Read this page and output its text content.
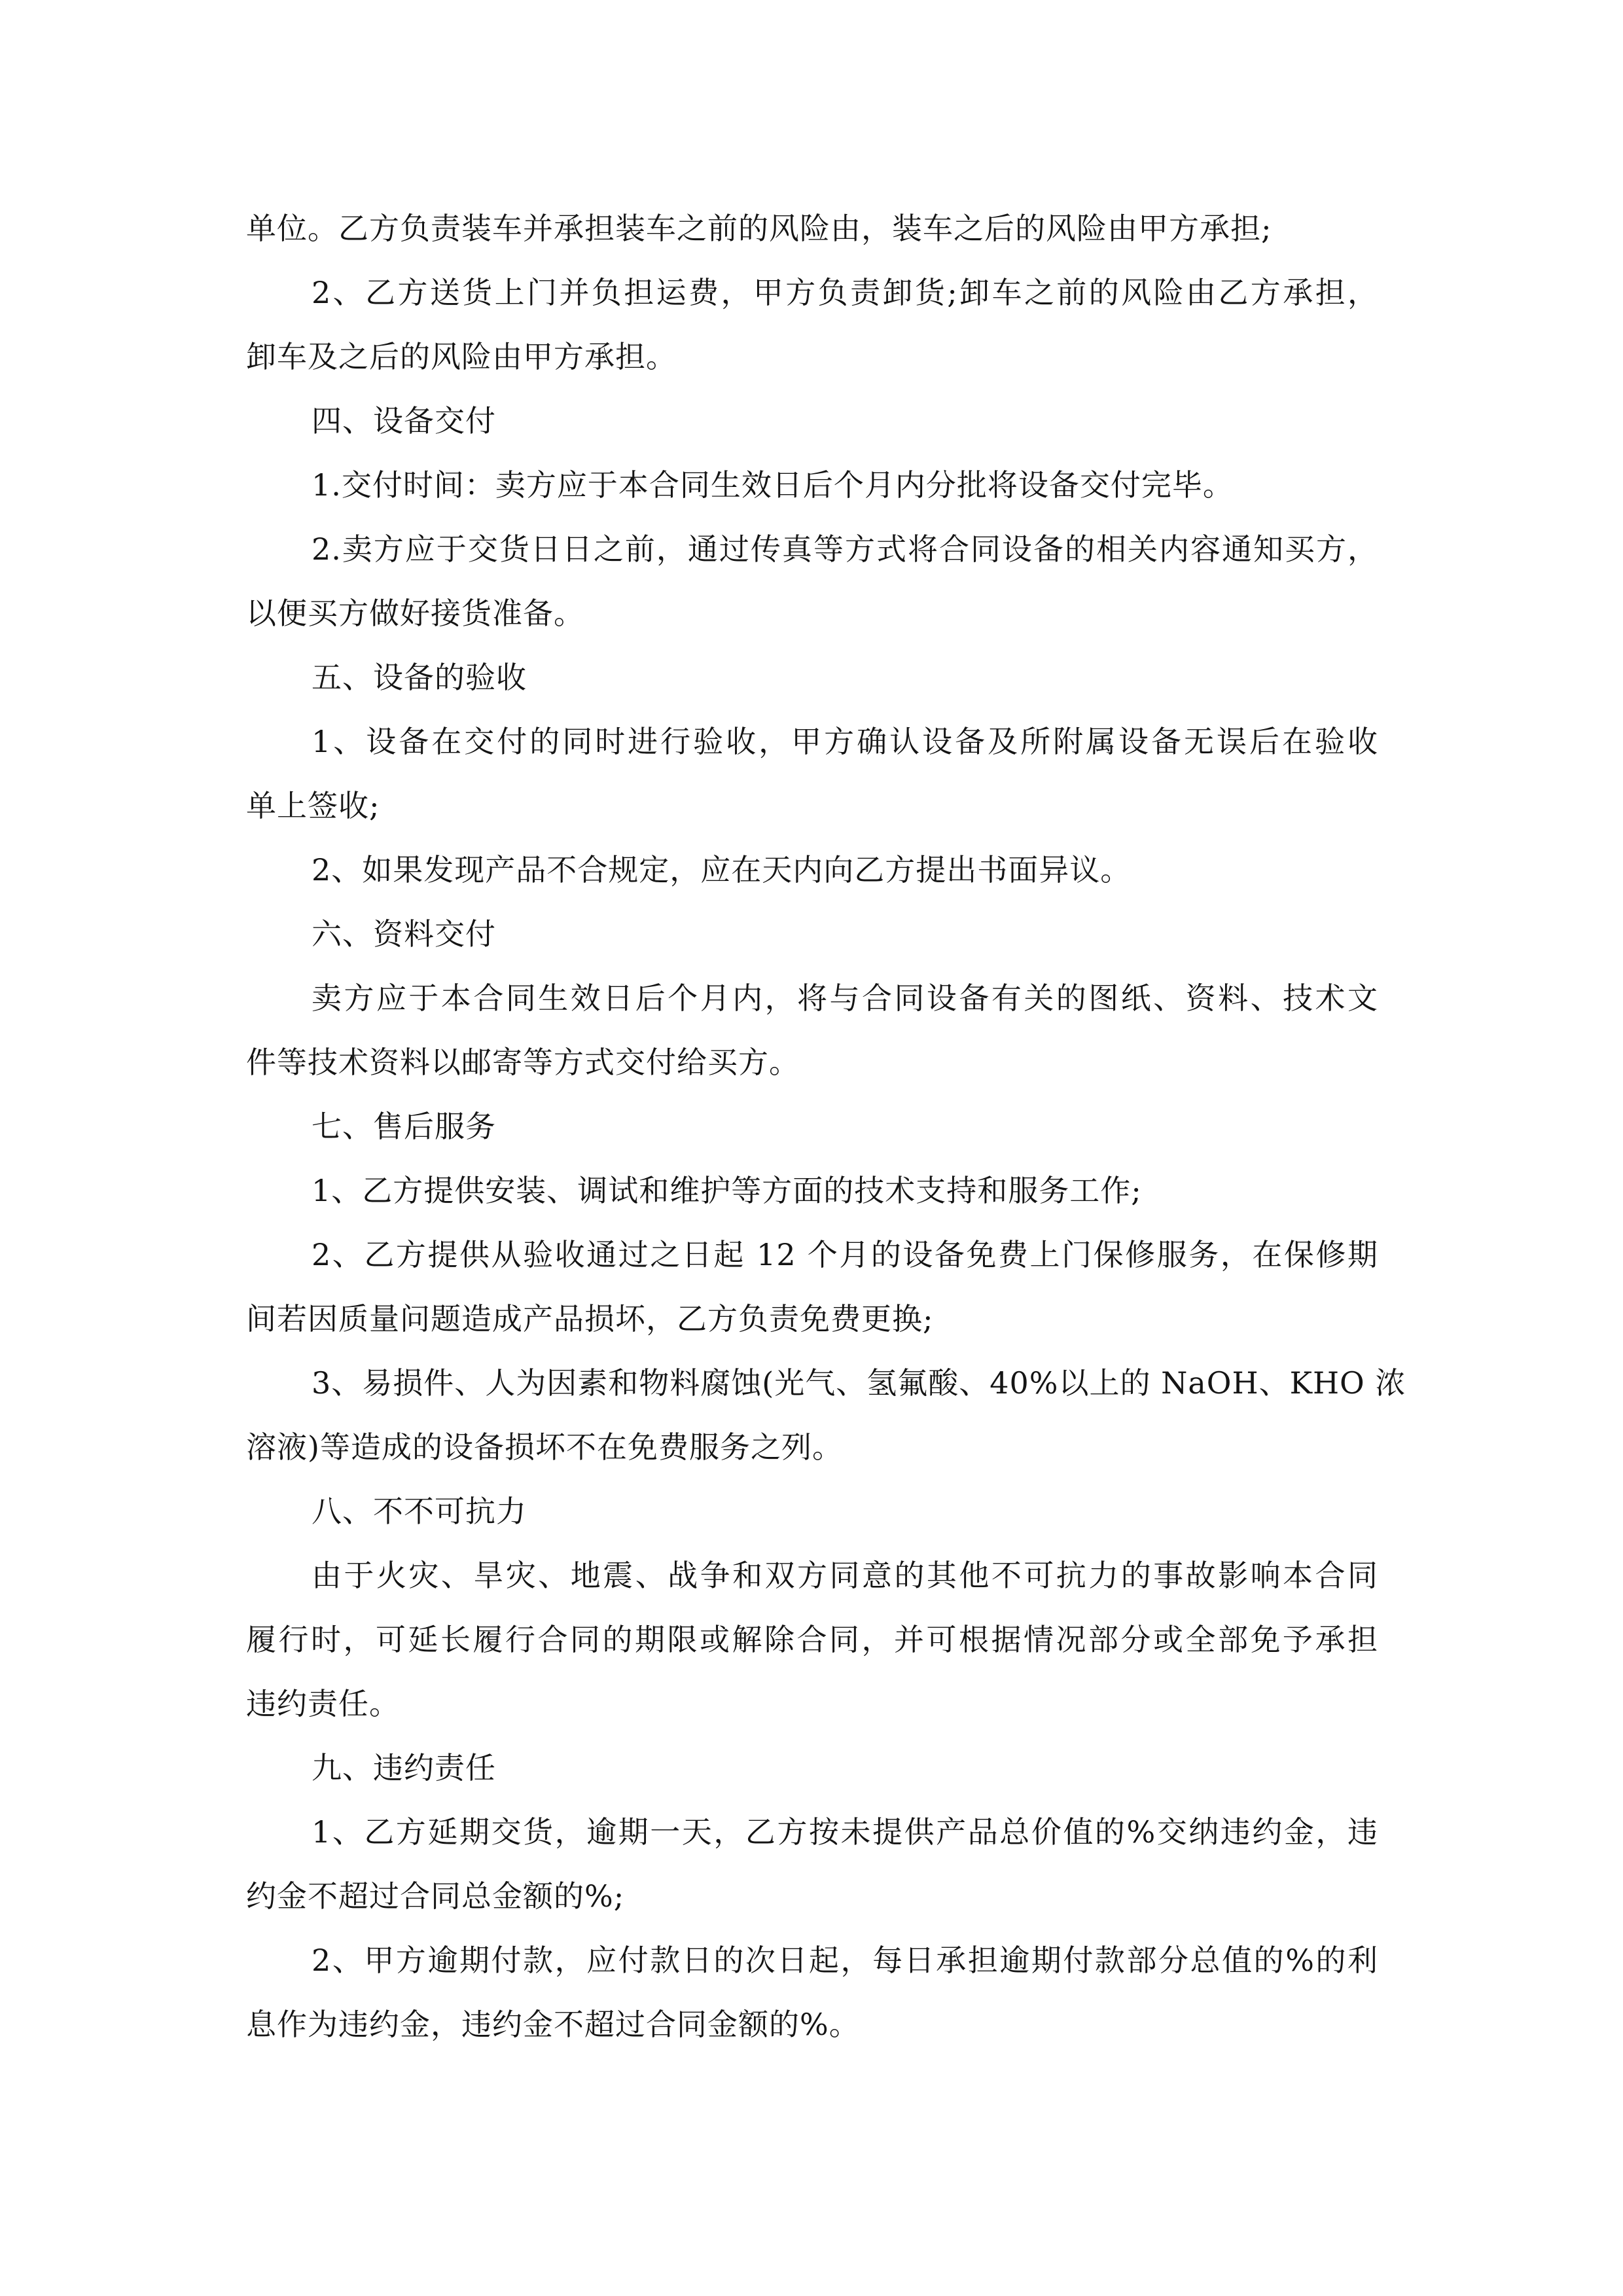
单位。乙方负责装车并承担装车之前的风险由，装车之后的风险由甲方承担;
2、乙方送货上门并负担运费，甲方负责卸货;卸车之前的风险由乙方承担，
卸车及之后的风险由甲方承担。
四、设备交付
1.交付时间：卖方应于本合同生效日后个月内分批将设备交付完毕。
2.卖方应于交货日日之前，通过传真等方式将合同设备的相关内容通知买方，
以便买方做好接货准备。
五、设备的验收
1、设备在交付的同时进行验收，甲方确认设备及所附属设备无误后在验收
单上签收;
2、如果发现产品不合规定，应在天内向乙方提出书面异议。
六、资料交付
卖方应于本合同生效日后个月内，将与合同设备有关的图纸、资料、技术文
件等技术资料以邮寄等方式交付给买方。
七、售后服务
1、乙方提供安装、调试和维护等方面的技术支持和服务工作;
2、乙方提供从验收通过之日起 12 个月的设备免费上门保修服务，在保修期
间若因质量问题造成产品损坏，乙方负责免费更换;
3、易损件、人为因素和物料腐蚀(光气、氢氟酸、40%以上的 NaOH、KHO 浓
溶液)等造成的设备损坏不在免费服务之列。
八、不不可抗力
由于火灾、旱灾、地震、战争和双方同意的其他不可抗力的事故影响本合同
履行时，可延长履行合同的期限或解除合同，并可根据情况部分或全部免予承担
违约责任。
九、违约责任
1、乙方延期交货，逾期一天，乙方按未提供产品总价值的%交纳违约金，违
约金不超过合同总金额的%;
2、甲方逾期付款，应付款日的次日起，每日承担逾期付款部分总值的%的利
息作为违约金，违约金不超过合同金额的%。
